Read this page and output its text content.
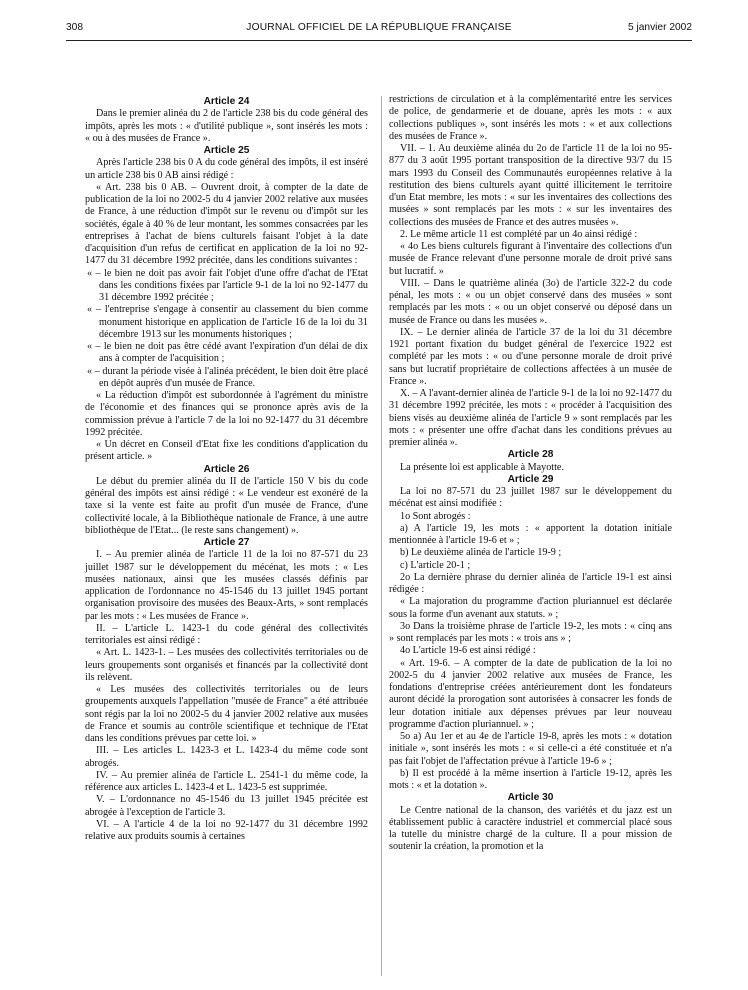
308	JOURNAL OFFICIEL DE LA RÉPUBLIQUE FRANÇAISE	5 janvier 2002

Article 24

Dans le premier alinéa du 2 de l'article 238 bis du code général des impôts, après les mots : « d'utilité publique », sont insérés les mots : « ou à des musées de France ».

Article 25

Après l'article 238 bis 0 A du code général des impôts, il est inséré un article 238 bis 0 AB ainsi rédigé :

« Art. 238 bis 0 AB. – Ouvrent droit, à compter de la date de publication de la loi no 2002-5 du 4 janvier 2002 relative aux musées de France, à une réduction d'impôt sur le revenu ou d'impôt sur les sociétés, égale à 40 % de leur montant, les sommes consacrées par les entreprises à l'achat de biens culturels faisant l'objet à la date d'acquisition d'un refus de certificat en application de la loi no 92-1477 du 31 décembre 1992 précitée, dans les conditions suivantes :

« – le bien ne doit pas avoir fait l'objet d'une offre d'achat de l'Etat dans les conditions fixées par l'article 9-1 de la loi no 92-1477 du 31 décembre 1992 précitée ;

« – l'entreprise s'engage à consentir au classement du bien comme monument historique en application de l'article 16 de la loi du 31 décembre 1913 sur les monuments historiques ;

« – le bien ne doit pas être cédé avant l'expiration d'un délai de dix ans à compter de l'acquisition ;

« – durant la période visée à l'alinéa précédent, le bien doit être placé en dépôt auprès d'un musée de France.

« La réduction d'impôt est subordonnée à l'agrément du ministre de l'économie et des finances qui se prononce après avis de la commission prévue à l'article 7 de la loi no 92-1477 du 31 décembre 1992 précitée.

« Un décret en Conseil d'Etat fixe les conditions d'application du présent article. »

Article 26

Le début du premier alinéa du II de l'article 150 V bis du code général des impôts est ainsi rédigé : « Le vendeur est exonéré de la taxe si la vente est faite au profit d'un musée de France, d'une collectivité locale, à la Bibliothèque nationale de France, à une autre bibliothèque de l'Etat... (le reste sans changement) ».

Article 27

I. – Au premier alinéa de l'article 11 de la loi no 87-571 du 23 juillet 1987 sur le développement du mécénat, les mots : « Les musées nationaux, ainsi que les musées classés définis par application de l'ordonnance no 45-1546 du 13 juillet 1945 portant organisation provisoire des musées des Beaux-Arts, » sont remplacés par les mots : « Les musées de France ».

II. – L'article L. 1423-1 du code général des collectivités territoriales est ainsi rédigé :

« Art. L. 1423-1. – Les musées des collectivités territoriales ou de leurs groupements sont organisés et financés par la collectivité dont ils relèvent.

« Les musées des collectivités territoriales ou de leurs groupements auxquels l'appellation "musée de France" a été attribuée sont régis par la loi no 2002-5 du 4 janvier 2002 relative aux musées de France et soumis au contrôle scientifique et technique de l'Etat dans les conditions prévues par cette loi. »

III. – Les articles L. 1423-3 et L. 1423-4 du même code sont abrogés.

IV. – Au premier alinéa de l'article L. 2541-1 du même code, la référence aux articles L. 1423-4 et L. 1423-5 est supprimée.

V. – L'ordonnance no 45-1546 du 13 juillet 1945 précitée est abrogée à l'exception de l'article 3.

VI. – A l'article 4 de la loi no 92-1477 du 31 décembre 1992 relative aux produits soumis à certaines

restrictions de circulation et à la complémentarité entre les services de police, de gendarmerie et de douane, après les mots : « aux collections publiques », sont insérés les mots : « et aux collections des musées de France ».

VII. – 1. Au deuxième alinéa du 2o de l'article 11 de la loi no 95-877 du 3 août 1995 portant transposition de la directive 93/7 du 15 mars 1993 du Conseil des Communautés européennes relative à la restitution des biens culturels ayant quitté illicitement le territoire d'un Etat membre, les mots : « sur les inventaires des collections des musées » sont remplacés par les mots : « sur les inventaires des collections des musées de France et des autres musées ».

2. Le même article 11 est complété par un 4o ainsi rédigé :

« 4o Les biens culturels figurant à l'inventaire des collections d'un musée de France relevant d'une personne morale de droit privé sans but lucratif. »

VIII. – Dans le quatrième alinéa (3o) de l'article 322-2 du code pénal, les mots : « ou un objet conservé dans des musées » sont remplacés par les mots : « ou un objet conservé ou déposé dans un musée de France ou dans les musées ».

IX. – Le dernier alinéa de l'article 37 de la loi du 31 décembre 1921 portant fixation du budget général de l'exercice 1922 est complété par les mots : « ou d'une personne morale de droit privé sans but lucratif propriétaire de collections affectées à un musée de France ».

X. – A l'avant-dernier alinéa de l'article 9-1 de la loi no 92-1477 du 31 décembre 1992 précitée, les mots : « procéder à l'acquisition des biens visés au deuxième alinéa de l'article 9 » sont remplacés par les mots : « présenter une offre d'achat dans les conditions prévues au premier alinéa ».

Article 28

La présente loi est applicable à Mayotte.

Article 29

La loi no 87-571 du 23 juillet 1987 sur le développement du mécénat est ainsi modifiée :

1o Sont abrogés :

a) A l'article 19, les mots : « apportent la dotation initiale mentionnée à l'article 19-6 et » ;

b) Le deuxième alinéa de l'article 19-9 ;

c) L'article 20-1 ;

2o La dernière phrase du dernier alinéa de l'article 19-1 est ainsi rédigée :

« La majoration du programme d'action pluriannuel est déclarée sous la forme d'un avenant aux statuts. » ;

3o Dans la troisième phrase de l'article 19-2, les mots : « cinq ans » sont remplacés par les mots : « trois ans » ;

4o L'article 19-6 est ainsi rédigé :

« Art. 19-6. – A compter de la date de publication de la loi no 2002-5 du 4 janvier 2002 relative aux musées de France, les fondations d'entreprise créées antérieurement dont les fondateurs auront décidé la prorogation sont autorisées à consacrer les fonds de leur dotation initiale aux dépenses prévues par leur nouveau programme d'action pluriannuel. » ;

5o a) Au 1er et au 4e de l'article 19-8, après les mots : « dotation initiale », sont insérés les mots : « si celle-ci a été constituée et n'a pas fait l'objet de l'affectation prévue à l'article 19-6 » ;

b) Il est procédé à la même insertion à l'article 19-12, après les mots : « et la dotation ».

Article 30

Le Centre national de la chanson, des variétés et du jazz est un établissement public à caractère industriel et commercial placé sous la tutelle du ministre chargé de la culture. Il a pour mission de soutenir la création, la promotion et la
